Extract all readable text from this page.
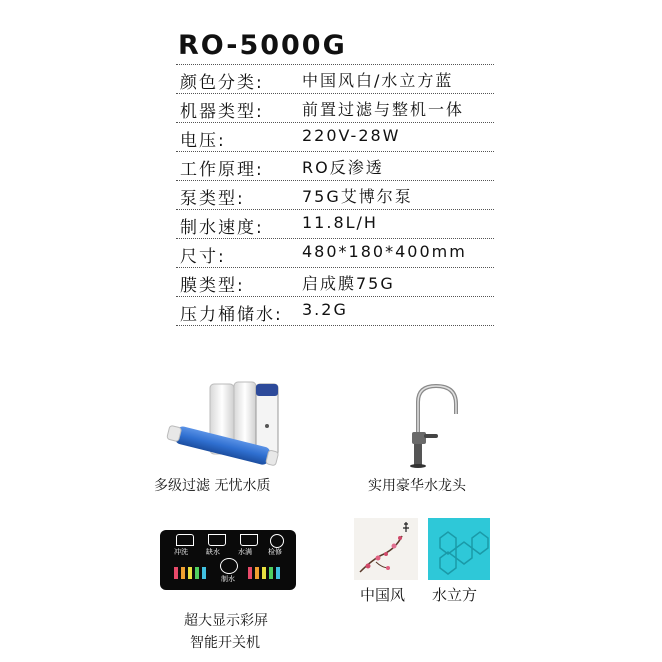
RO-5000G
颜色分类: 中国风白/水立方蓝
机器类型: 前置过滤与整机一体
电压:	220V-28W
工作原理: RO反渗透
泵类型:	75G艾博尔泵
制水速度: 11.8L/H
尺寸:	480*180*400mm
膜类型:	启成膜75G
压力桶储水: 3.2G
多级过滤 无忧水质	实用豪华水龙头
冲洗	缺水	水满 检修
制水
超大显示彩屏
智能开关机
中国风 水立方
